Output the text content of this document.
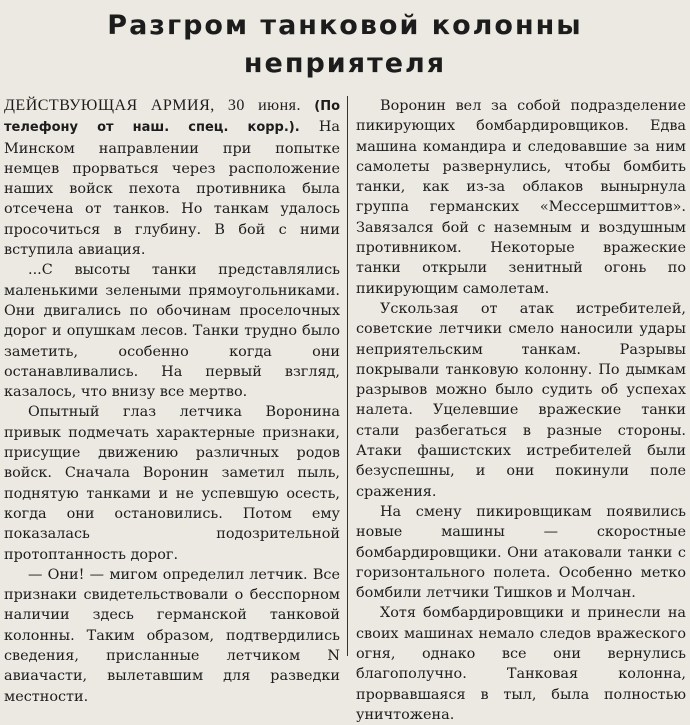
Разгром танковой колонны
неприятеля

ДЕЙСТВУЮЩАЯ АРМИЯ, 30 июня. (По телефону от наш. спец. корр.). На Минском направлении при попытке немцев прорваться через расположение наших войск пехота противника была отсечена от танков. Но танкам удалось просочиться в глубину. В бой с ними вступила авиация.

...С высоты танки представлялись маленькими зелеными прямоугольниками. Они двигались по обочинам проселочных дорог и опушкам лесов. Танки трудно было заметить, особенно когда они останавливались. На первый взгляд, казалось, что внизу все мертво.

Опытный глаз летчика Воронина привык подмечать характерные признаки, присущие движению различных родов войск. Сначала Воронин заметил пыль, поднятую танками и не успевшую осесть, когда они остановились. Потом ему показалась подозрительной протоптанность дорог.

— Они! — мигом определил летчик. Все признаки свидетельствовали о бесспорном наличии здесь германской танковой колонны. Таким образом, подтвердились сведения, присланные летчиком N авиачасти, вылетавшим для разведки местности.

Воронин вел за собой подразделение пикирующих бомбардировщиков. Едва машина командира и следовавшие за ним самолеты развернулись, чтобы бомбить танки, как из-за облаков вынырнула группа германских «Мессершмиттов». Завязался бой с наземным и воздушным противником. Некоторые вражеские танки открыли зенитный огонь по пикирующим самолетам.

Ускользая от атак истребителей, советские летчики смело наносили удары неприятельским танкам. Разрывы покрывали танковую колонну. По дымкам разрывов можно было судить об успехах налета. Уцелевшие вражеские танки стали разбегаться в разные стороны. Атаки фашистских истребителей были безуспешны, и они покинули поле сражения.

На смену пикировщикам появились новые машины — скоростные бомбардировщики. Они атаковали танки с горизонтального полета. Особенно метко бомбили летчики Тишков и Молчан.

Хотя бомбардировщики и принесли на своих машинах немало следов вражеского огня, однако все они вернулись благополучно. Танковая колонна, прорвавшаяся в тыл, была полностью уничтожена.
